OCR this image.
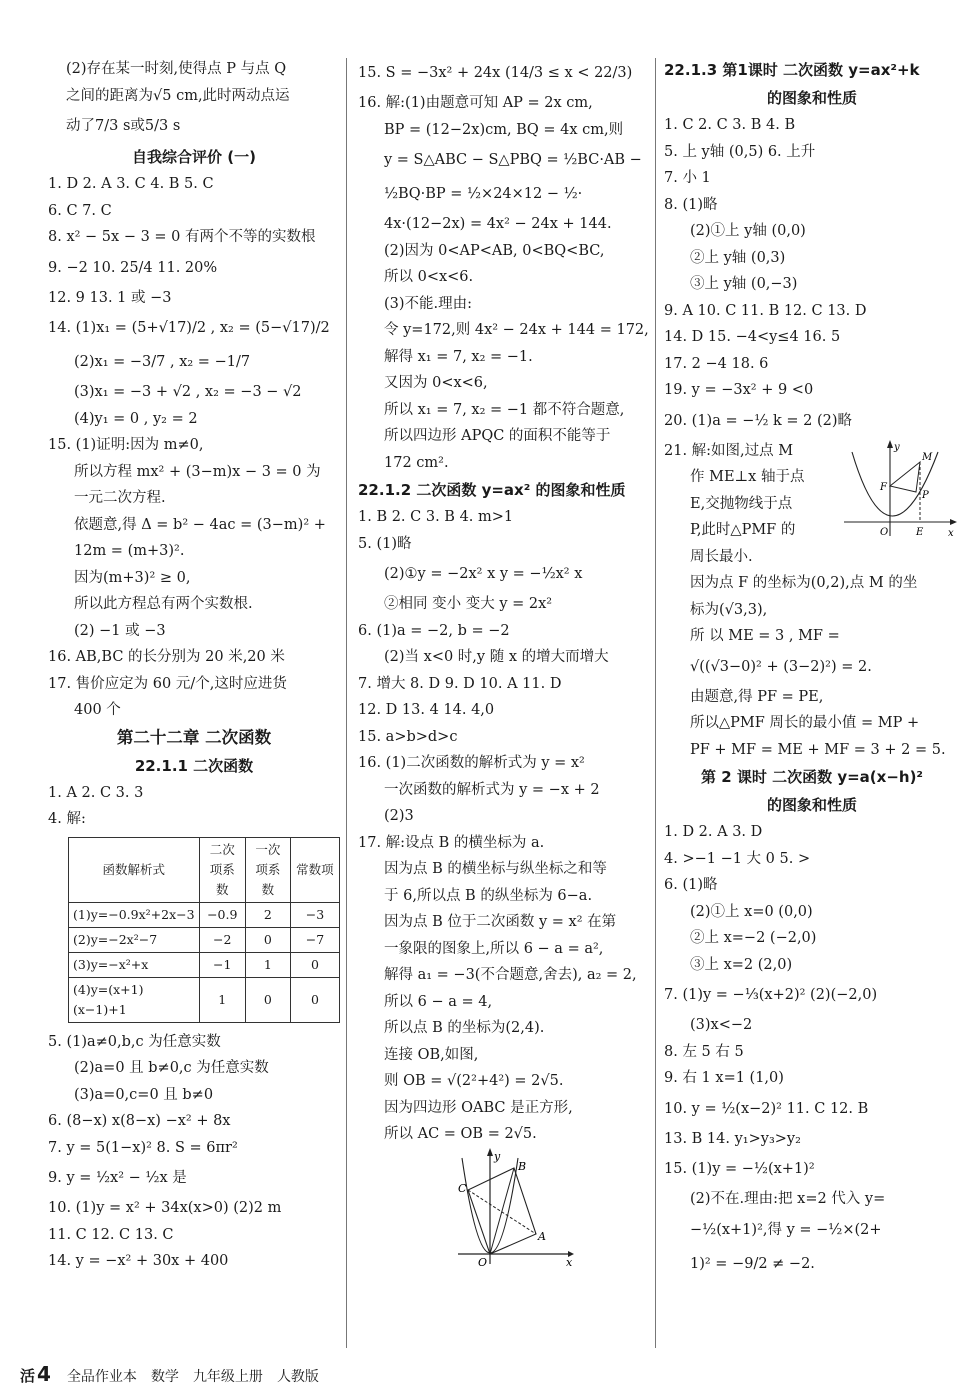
(2)存在某一时刻,使得点 P 与点 Q
之间的距离为√5 cm,此时两动点运
动了7/3 s或5/3 s
自我综合评价 (一)
1. D 2. A 3. C 4. B 5. C
6. C 7. C
8. x² − 5x − 3 = 0 有两个不等的实数根
9. −2 10. 25/4 11. 20%
12. 9 13. 1 或 −3
14. (1)x₁ = (5+√17)/2 , x₂ = (5−√17)/2
(2)x₁ = −3/7 , x₂ = −1/7
(3)x₁ = −3 + √2 , x₂ = −3 − √2
(4)y₁ = 0 , y₂ = 2
15. (1)证明:因为 m≠0,
所以方程 mx² + (3−m)x − 3 = 0 为
一元二次方程.
依题意,得 Δ = b² − 4ac = (3−m)² +
12m = (m+3)².
因为(m+3)² ≥ 0,
所以此方程总有两个实数根.
(2) −1 或 −3
16. AB,BC 的长分别为 20 米,20 米
17. 售价应定为 60 元/个,这时应进货
400 个
第二十二章 二次函数
22.1.1 二次函数
1. A 2. C 3. 3
4. 解:
函数解析式	二次项系数	一次项系数	常数项
(1)y=−0.9x²+2x−3	−0.9	2	−3
(2)y=−2x²−7	−2	0	−7
(3)y=−x²+x	−1	1	0
(4)y=(x+1)(x−1)+1	1	0	0
5. (1)a≠0,b,c 为任意实数
(2)a=0 且 b≠0,c 为任意实数
(3)a=0,c=0 且 b≠0
6. (8−x) x(8−x) −x² + 8x
7. y = 5(1−x)² 8. S = 6πr²
9. y = ½x² − ½x 是
10. (1)y = x² + 34x(x>0) (2)2 m
11. C 12. C 13. C
14. y = −x² + 30x + 400
15. S = −3x² + 24x (14/3 ≤ x < 22/3)
16. 解:(1)由题意可知 AP = 2x cm,
BP = (12−2x)cm, BQ = 4x cm,则
y = S△ABC − S△PBQ = ½BC·AB −
½BQ·BP = ½×24×12 − ½·
4x·(12−2x) = 4x² − 24x + 144.
(2)因为 0<AP<AB, 0<BQ<BC,
所以 0<x<6.
(3)不能.理由:
令 y=172,则 4x² − 24x + 144 = 172,
解得 x₁ = 7, x₂ = −1.
又因为 0<x<6,
所以 x₁ = 7, x₂ = −1 都不符合题意,
所以四边形 APQC 的面积不能等于
172 cm².
22.1.2 二次函数 y=ax² 的图象和性质
1. B 2. C 3. B 4. m>1
5. (1)略
(2)①y = −2x² x y = −½x² x
②相同 变小 变大 y = 2x²
6. (1)a = −2, b = −2
(2)当 x<0 时,y 随 x 的增大而增大
7. 增大 8. D 9. D 10. A 11. D
12. D 13. 4 14. 4,0
15. a>b>d>c
16. (1)二次函数的解析式为 y = x²
一次函数的解析式为 y = −x + 2
(2)3
17. 解:设点 B 的横坐标为 a.
因为点 B 的横坐标与纵坐标之和等
于 6,所以点 B 的纵坐标为 6−a.
因为点 B 位于二次函数 y = x² 在第
一象限的图象上,所以 6 − a = a²,
解得 a₁ = −3(不合题意,舍去), a₂ = 2,
所以 6 − a = 4,
所以点 B 的坐标为(2,4).
连接 OB,如图,
则 OB = √(2²+4²) = 2√5.
因为四边形 OABC 是正方形,
所以 AC = OB = 2√5.
y
x
O
A
B
C
22.1.3 第1课时 二次函数 y=ax²+k
的图象和性质
1. C 2. C 3. B 4. B
5. 上 y轴 (0,5) 6. 上升
7. 小 1
8. (1)略
(2)①上 y轴 (0,0)
②上 y轴 (0,3)
③上 y轴 (0,−3)
9. A 10. C 11. B 12. C 13. D
14. D 15. −4<y≤4 16. 5
17. 2 −4 18. 6
19. y = −3x² + 9 <0
20. (1)a = −½ k = 2 (2)略
21. 解:如图,过点 M
作 ME⊥x 轴于点
E,交抛物线于点
P,此时△PMF 的
周长最小.
y
x
O	E
M
F
P
因为点 F 的坐标为(0,2),点 M 的坐
标为(√3,3),
所 以 ME = 3 , MF =
√((√3−0)² + (3−2)²) = 2.
由题意,得 PF = PE,
所以△PMF 周长的最小值 = MP +
PF + MF = ME + MF = 3 + 2 = 5.
第 2 课时 二次函数 y=a(x−h)²
的图象和性质
1. D 2. A 3. D
4. >−1 −1 大 0 5. >
6. (1)略
(2)①上 x=0 (0,0)
②上 x=−2 (−2,0)
③上 x=2 (2,0)
7. (1)y = −⅓(x+2)² (2)(−2,0)
(3)x<−2
8. 左 5 右 5
9. 右 1 x=1 (1,0)
10. y = ½(x−2)² 11. C 12. B
13. B 14. y₁>y₃>y₂
15. (1)y = −½(x+1)²
(2)不在.理由:把 x=2 代入 y=
−½(x+1)²,得 y = −½×(2+
1)² = −9/2 ≠ −2.
活 4 全品作业本 数学 九年级上册 人教版
